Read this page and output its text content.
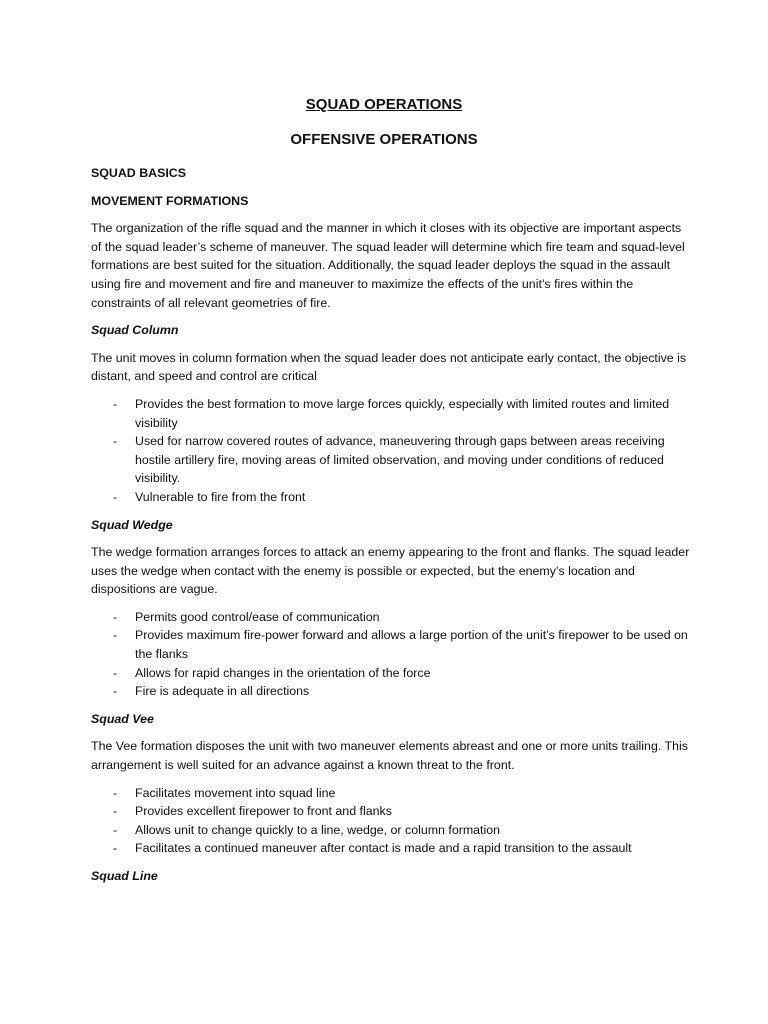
SQUAD OPERATIONS
OFFENSIVE OPERATIONS
SQUAD BASICS
MOVEMENT FORMATIONS

The organization of the rifle squad and the manner in which it closes with its objective are important aspects of the squad leader’s scheme of maneuver. The squad leader will determine which fire team and squad-level formations are best suited for the situation. Additionally, the squad leader deploys the squad in the assault using fire and movement and fire and maneuver to maximize the effects of the unit’s fires within the constraints of all relevant geometries of fire.

Squad Column

The unit moves in column formation when the squad leader does not anticipate early contact, the objective is distant, and speed and control are critical

- Provides the best formation to move large forces quickly, especially with limited routes and limited visibility
- Used for narrow covered routes of advance, maneuvering through gaps between areas receiving hostile artillery fire, moving areas of limited observation, and moving under conditions of reduced visibility.
- Vulnerable to fire from the front
Squad Wedge

The wedge formation arranges forces to attack an enemy appearing to the front and flanks. The squad leader uses the wedge when contact with the enemy is possible or expected, but the enemy’s location and dispositions are vague.

- Permits good control/ease of communication
- Provides maximum fire-power forward and allows a large portion of the unit’s firepower to be used on the flanks
- Allows for rapid changes in the orientation of the force
- Fire is adequate in all directions
Squad Vee

The Vee formation disposes the unit with two maneuver elements abreast and one or more units trailing. This arrangement is well suited for an advance against a known threat to the front.

- Facilitates movement into squad line
- Provides excellent firepower to front and flanks
- Allows unit to change quickly to a line, wedge, or column formation
- Facilitates a continued maneuver after contact is made and a rapid transition to the assault
Squad Line
